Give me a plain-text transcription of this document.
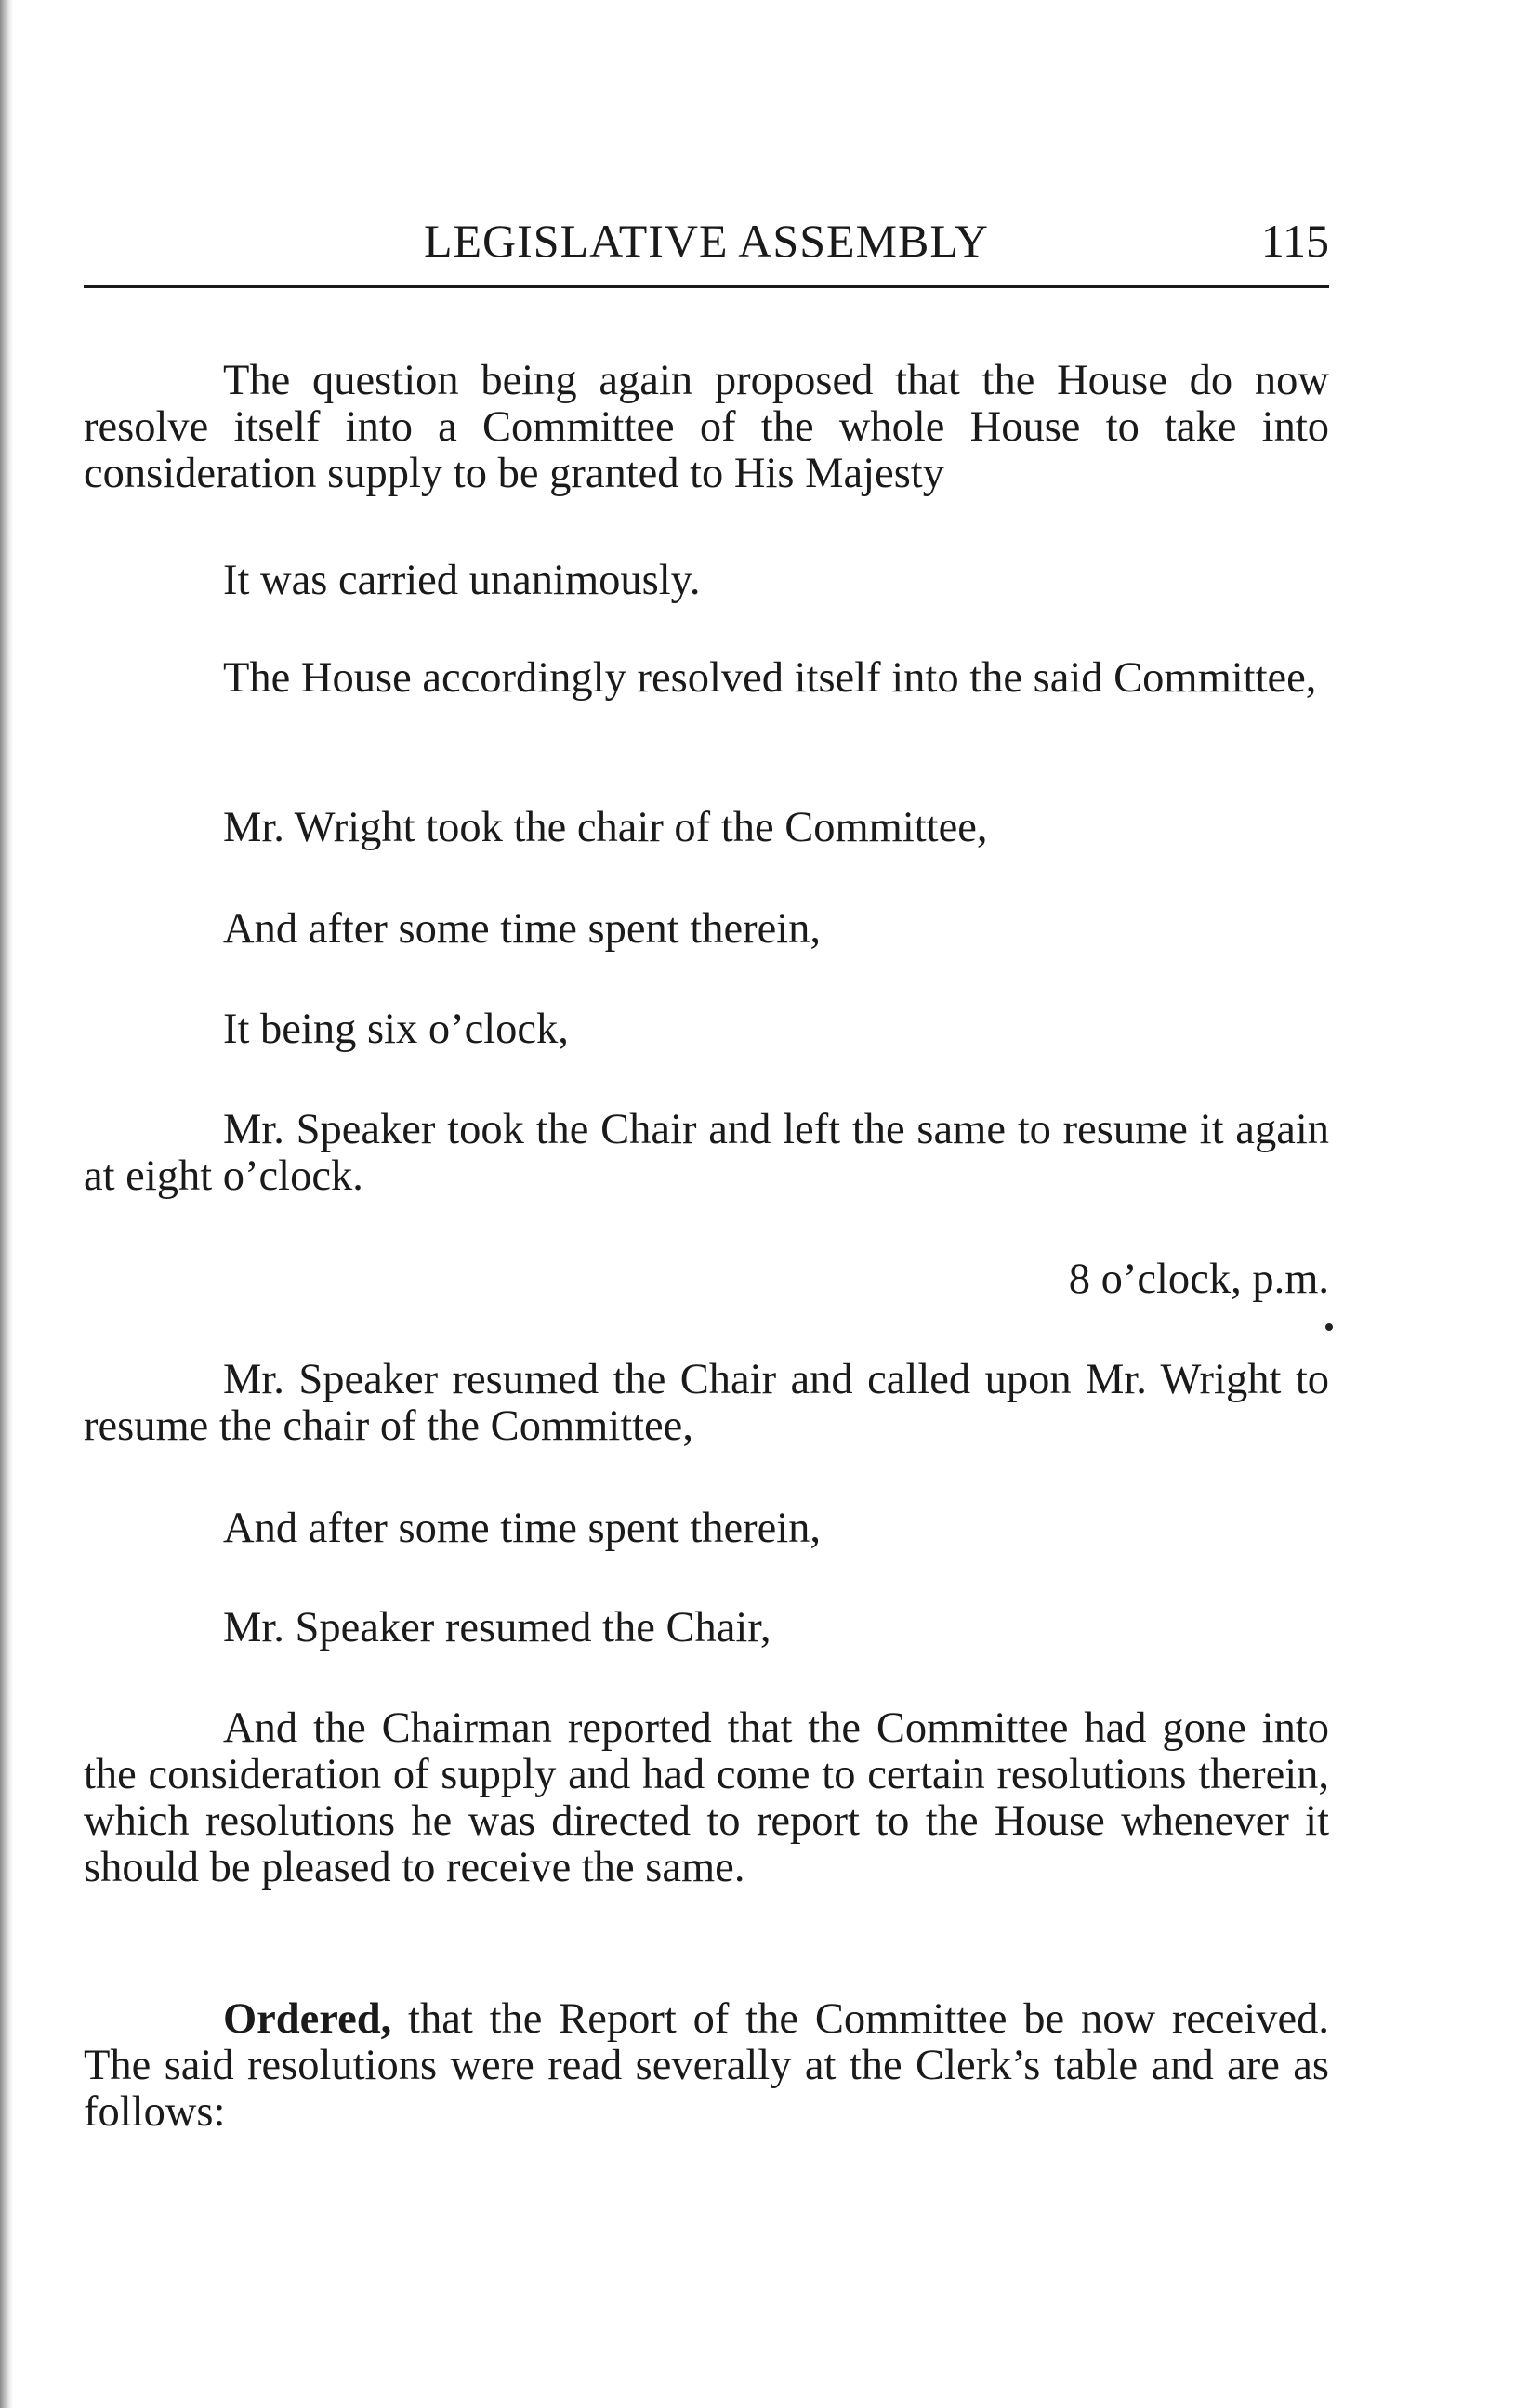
LEGISLATIVE ASSEMBLY	115

The question being again proposed that the House do now resolve itself into a Committee of the whole House to take into consideration supply to be granted to His Majesty

It was carried unanimously.

The House accordingly resolved itself into the said Committee,

Mr. Wright took the chair of the Committee,

And after some time spent therein,

It being six o’clock,

Mr. Speaker took the Chair and left the same to resume it again at eight o’clock.

8 o’clock, p.m.

Mr. Speaker resumed the Chair and called upon Mr. Wright to resume the chair of the Committee,

And after some time spent therein,

Mr. Speaker resumed the Chair,

And the Chairman reported that the Committee had gone into the consideration of supply and had come to certain resolutions therein, which resolutions he was directed to report to the House whenever it should be pleased to receive the same.

Ordered, that the Report of the Committee be now received. The said resolutions were read severally at the Clerk’s table and are as follows:
